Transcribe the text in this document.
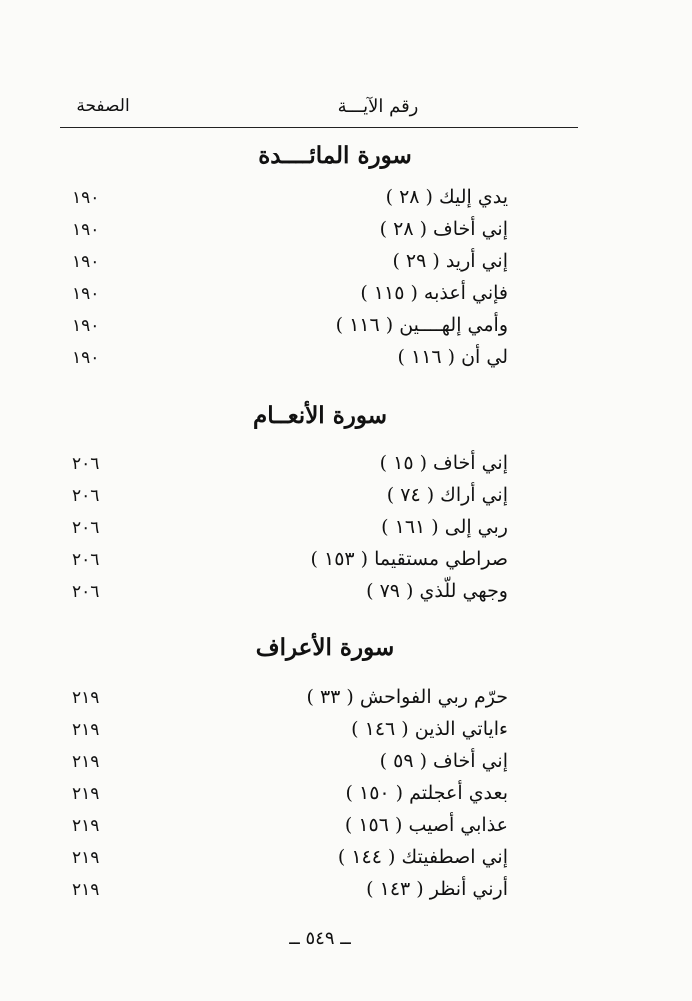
رقم الآيـــة
الصفحة
سورة المائــــدة
يدي إليك ( ٢٨ )
١٩٠
إني أخاف ( ٢٨ )
١٩٠
إني أريد ( ٢٩ )
١٩٠
فإني أعذبه ( ١١٥ )
١٩٠
وأمي إلهــــين ( ١١٦ )
١٩٠
لي أن ( ١١٦ )
١٩٠
سورة الأنعــام
إني أخاف ( ١٥ )
٢٠٦
إني أراك ( ٧٤ )
٢٠٦
ربي إلى ( ١٦١ )
٢٠٦
صراطي مستقيما ( ١٥٣ )
٢٠٦
وجهي للّذي ( ٧٩ )
٢٠٦
سورة الأعراف
حرّم ربي الفواحش ( ٣٣ )
٢١٩
ءاياتي الذين ( ١٤٦ )
٢١٩
إني أخاف ( ٥٩ )
٢١٩
بعدي أعجلتم ( ١٥٠ )
٢١٩
عذابي أصيب ( ١٥٦ )
٢١٩
إني اصطفيتك ( ١٤٤ )
٢١٩
أرني أنظر ( ١٤٣ )
٢١٩
ــ ٥٤٩ ــ
